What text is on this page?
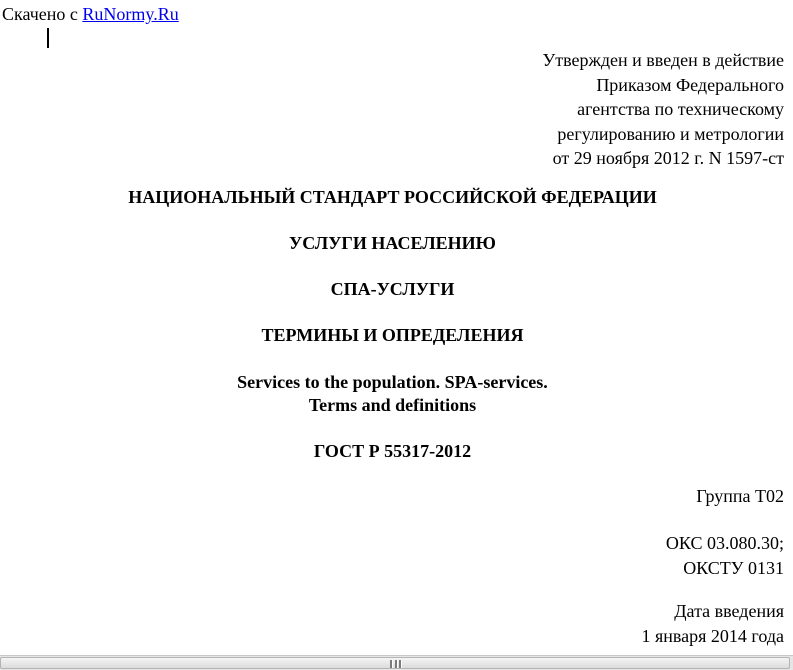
Скачено с RuNormy.Ru
Утвержден и введен в действие
Приказом Федерального
агентства по техническому
регулированию и метрологии
от 29 ноября 2012 г. N 1597-ст
НАЦИОНАЛЬНЫЙ СТАНДАРТ РОССИЙСКОЙ ФЕДЕРАЦИИ
УСЛУГИ НАСЕЛЕНИЮ
СПА-УСЛУГИ
ТЕРМИНЫ И ОПРЕДЕЛЕНИЯ
Services to the population. SPA-services.
Terms and definitions
ГОСТ Р 55317-2012
Группа Т02
ОКС 03.080.30;
ОКСТУ 0131
Дата введения
1 января 2014 года
